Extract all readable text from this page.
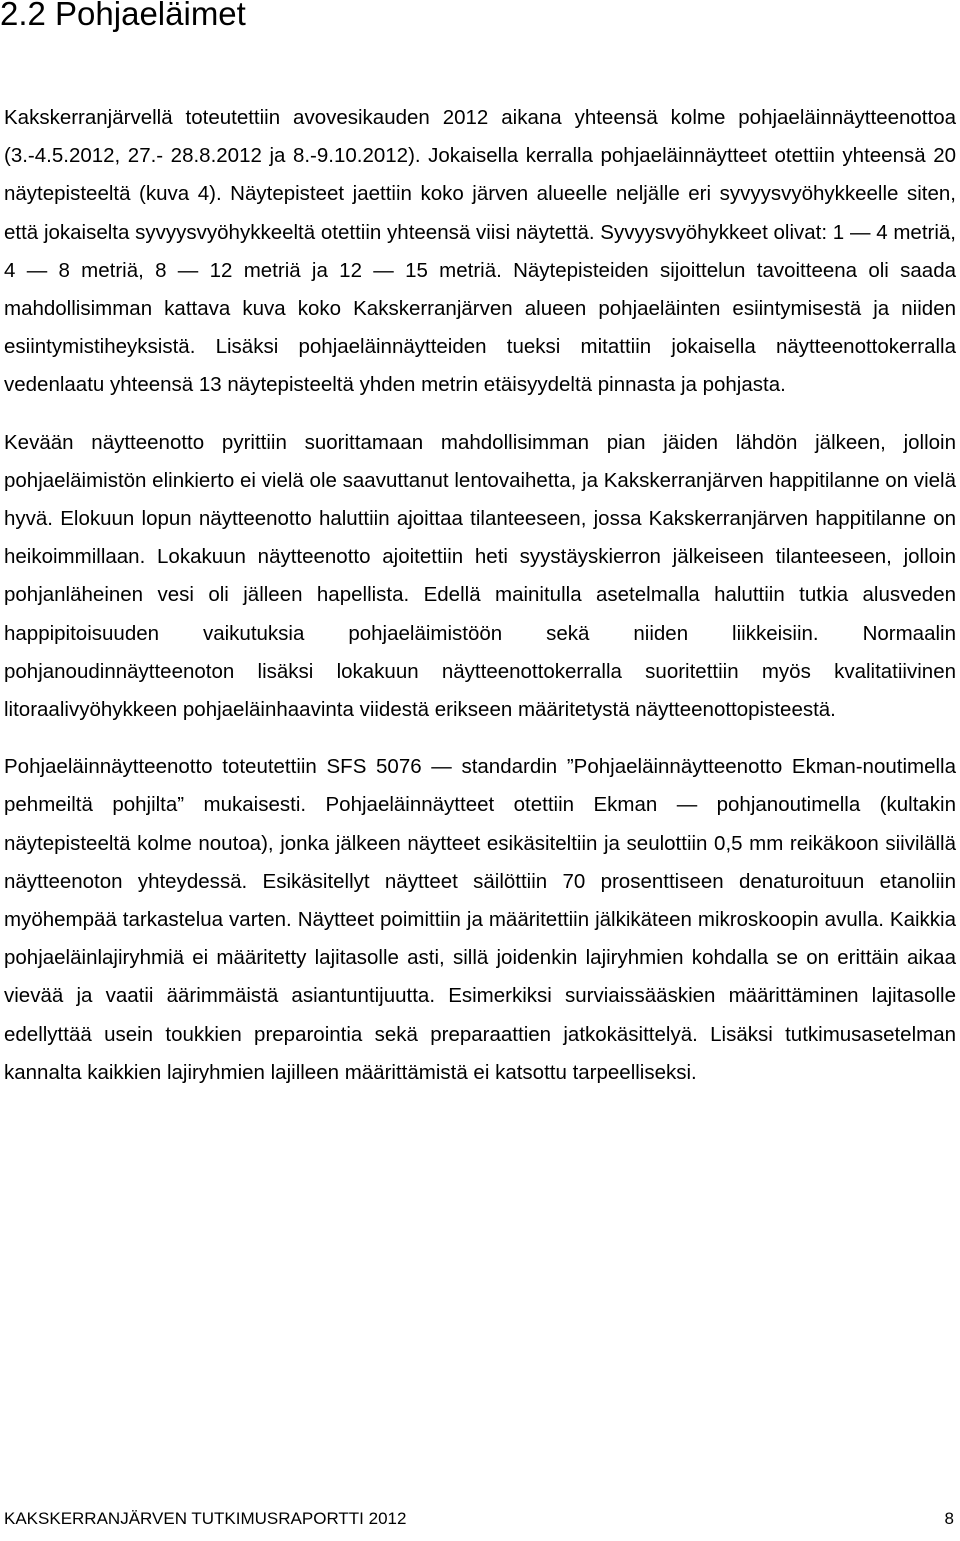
2.2 Pohjaeläimet

Kakskerranjärvellä toteutettiin avovesikauden 2012 aikana yhteensä kolme pohjaeläinnäytteenottoa (3.-4.5.2012, 27.- 28.8.2012 ja 8.-9.10.2012). Jokaisella kerralla pohjaeläinnäytteet otettiin yhteensä 20 näytepisteeltä (kuva 4). Näytepisteet jaettiin koko järven alueelle neljälle eri syvyysvyöhykkeelle siten, että jokaiselta syvyysvyöhykkeeltä otettiin yhteensä viisi näytettä. Syvyysvyöhykkeet olivat: 1 — 4 metriä, 4 — 8 metriä, 8 — 12 metriä ja 12 — 15 metriä. Näytepisteiden sijoittelun tavoitteena oli saada mahdollisimman kattava kuva koko Kakskerranjärven alueen pohjaeläinten esiintymisestä ja niiden esiintymistiheyksistä. Lisäksi pohjaeläinnäytteiden tueksi mitattiin jokaisella näytteenottokerralla vedenlaatu yhteensä 13 näytepisteeltä yhden metrin etäisyydeltä pinnasta ja pohjasta.

Kevään näytteenotto pyrittiin suorittamaan mahdollisimman pian jäiden lähdön jälkeen, jolloin pohjaeläimistön elinkierto ei vielä ole saavuttanut lentovaihetta, ja Kakskerranjärven happitilanne on vielä hyvä. Elokuun lopun näytteenotto haluttiin ajoittaa tilanteeseen, jossa Kakskerranjärven happitilanne on heikoimmillaan. Lokakuun näytteenotto ajoitettiin heti syystäyskierron jälkeiseen tilanteeseen, jolloin pohjanläheinen vesi oli jälleen hapellista. Edellä mainitulla asetelmalla haluttiin tutkia alusveden happipitoisuuden vaikutuksia pohjaeläimistöön sekä niiden liikkeisiin. Normaalin pohjanoudinnäytteenoton lisäksi lokakuun näytteenottokerralla suoritettiin myös kvalitatiivinen litoraalivyöhykkeen pohjaeläinhaavinta viidestä erikseen määritetystä näytteenottopisteestä.

Pohjaeläinnäytteenotto toteutettiin SFS 5076 — standardin ”Pohjaeläinnäytteenotto Ekman-noutimella pehmeiltä pohjilta” mukaisesti. Pohjaeläinnäytteet otettiin Ekman — pohjanoutimella (kultakin näytepisteeltä kolme noutoa), jonka jälkeen näytteet esikäsiteltiin ja seulottiin 0,5 mm reikäkoon siivilällä näytteenoton yhteydessä. Esikäsitellyt näytteet säilöttiin 70 prosenttiseen denaturoituun etanoliin myöhempää tarkastelua varten. Näytteet poimittiin ja määritettiin jälkikäteen mikroskoopin avulla. Kaikkia pohjaeläinlajiryhmiä ei määritetty lajitasolle asti, sillä joidenkin lajiryhmien kohdalla se on erittäin aikaa vievää ja vaatii äärimmäistä asiantuntijuutta. Esimerkiksi surviaissääskien määrittäminen lajitasolle edellyttää usein toukkien preparointia sekä preparaattien jatkokäsittelyä. Lisäksi tutkimusasetelman kannalta kaikkien lajiryhmien lajilleen määrittämistä ei katsottu tarpeelliseksi.

KAKSKERRANJÄRVEN TUTKIMUSRAPORTTI 2012	8
